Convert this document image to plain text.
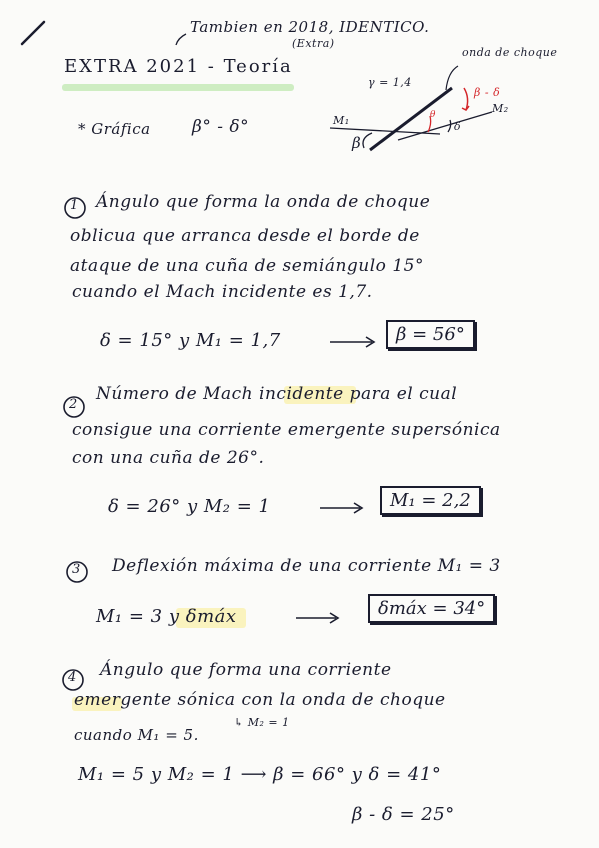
Tambien en 2018, IDENTICO.
(Extra)
EXTRA 2021 - Teoría
* Gráfica β° - δ°
γ = 1,4
onda de choque
β - δ
M₁
M₂
β
δ
θ
1 Ángulo que forma la onda de choque
oblicua que arranca desde el borde de
ataque de una cuña de semiángulo 15°
cuando el Mach incidente es 1,7.
δ = 15° y M₁ = 1,7	β = 56°
2
Número de Mach incidente para el cual
consigue una corriente emergente supersónica
con una cuña de 26°.
δ = 26° y M₂ = 1	M₁ = 2,2
3 Deflexión máxima de una corriente M₁ = 3
M₁ = 3 y δmáx	δmáx = 34°
4 Ángulo que forma una corriente
emergente sónica con la onda de choque
cuando M₁ = 5.
↳ M₂ = 1
M₁ = 5 y M₂ = 1 ⟶ β = 66° y δ = 41°
β - δ = 25°
